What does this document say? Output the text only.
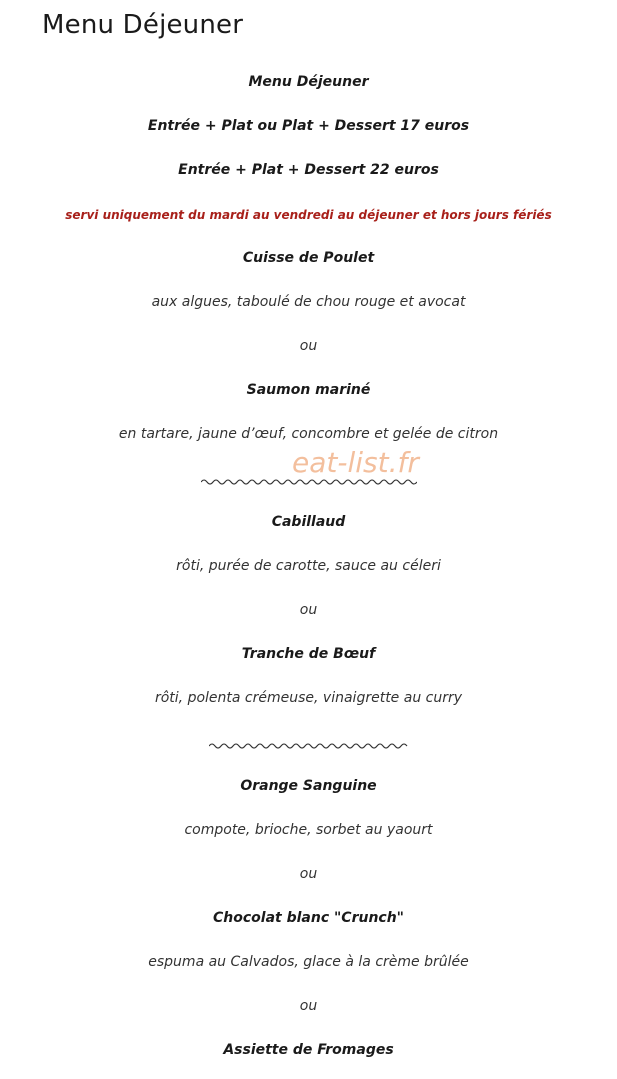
Menu Déjeuner
Menu Déjeuner
Entrée + Plat ou Plat + Dessert 17 euros
Entrée + Plat + Dessert 22 euros
servi uniquement du mardi au vendredi au déjeuner et hors jours fériés
Cuisse de Poulet
aux algues, taboulé de chou rouge et avocat
ou
Saumon mariné
en tartare, jaune d’œuf, concombre et gelée de citron
Cabillaud
rôti, purée de carotte, sauce au céleri
ou
Tranche de Bœuf
rôti, polenta crémeuse, vinaigrette au curry
Orange Sanguine
compote, brioche, sorbet au yaourt
ou
Chocolat blanc "Crunch"
espuma au Calvados, glace à la crème brûlée
ou
Assiette de Fromages
eat-list.fr
